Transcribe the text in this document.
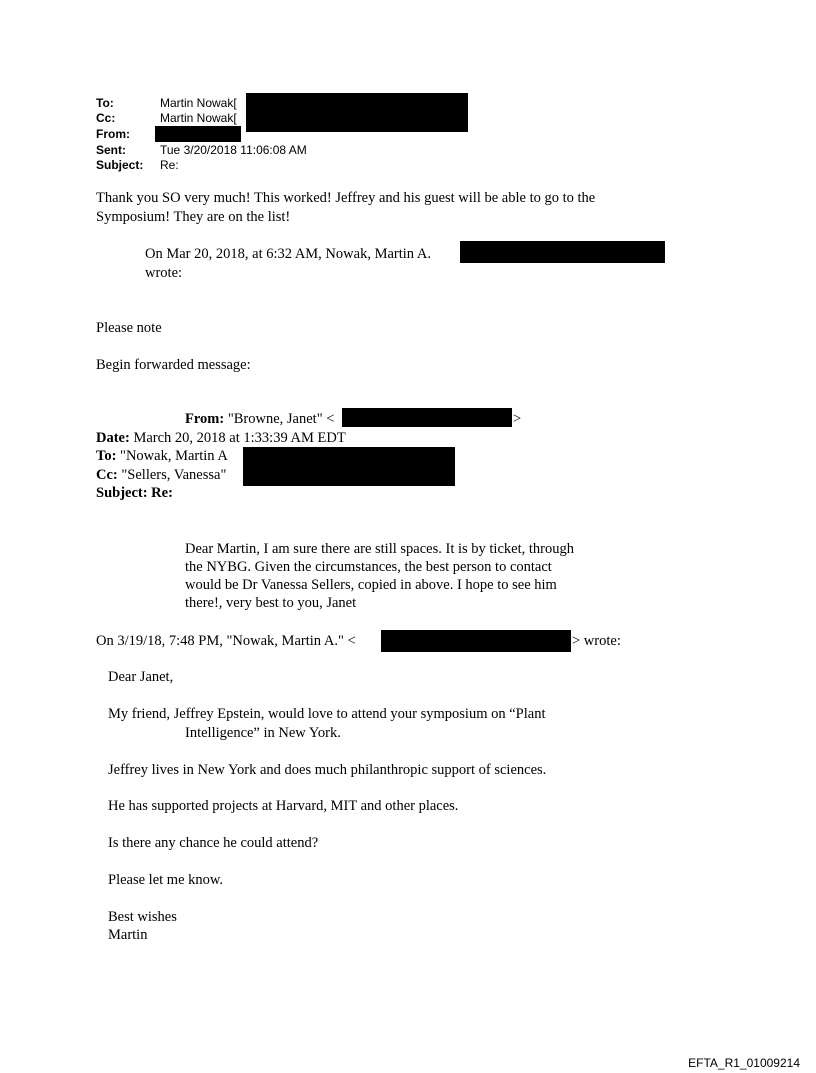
To:	Martin Nowak[
Cc:	Martin Nowak[
From:
Sent:	Tue 3/20/2018 11:06:08 AM
Subject: Re:
Thank you SO very much! This worked! Jeffrey and his guest will be able to go to the
Symposium! They are on the list!
On Mar 20, 2018, at 6:32 AM, Nowak, Martin A.
wrote:
Please note
Begin forwarded message:
From: "Browne, Janet" <	>
Date: March 20, 2018 at 1:33:39 AM EDT
To: "Nowak, Martin A
Cc: "Sellers, Vanessa"
Subject: Re:
Dear Martin, I am sure there are still spaces. It is by ticket, through
the NYBG. Given the circumstances, the best person to contact
would be Dr Vanessa Sellers, copied in above. I hope to see him
there!, very best to you, Janet
On 3/19/18, 7:48 PM, "Nowak, Martin A." <	> wrote:
Dear Janet,
My friend, Jeffrey Epstein, would love to attend your symposium on “Plant
Intelligence” in New York.
Jeffrey lives in New York and does much philanthropic support of sciences.
He has supported projects at Harvard, MIT and other places.
Is there any chance he could attend?
Please let me know.
Best wishes
Martin
EFTA_R1_01009214
